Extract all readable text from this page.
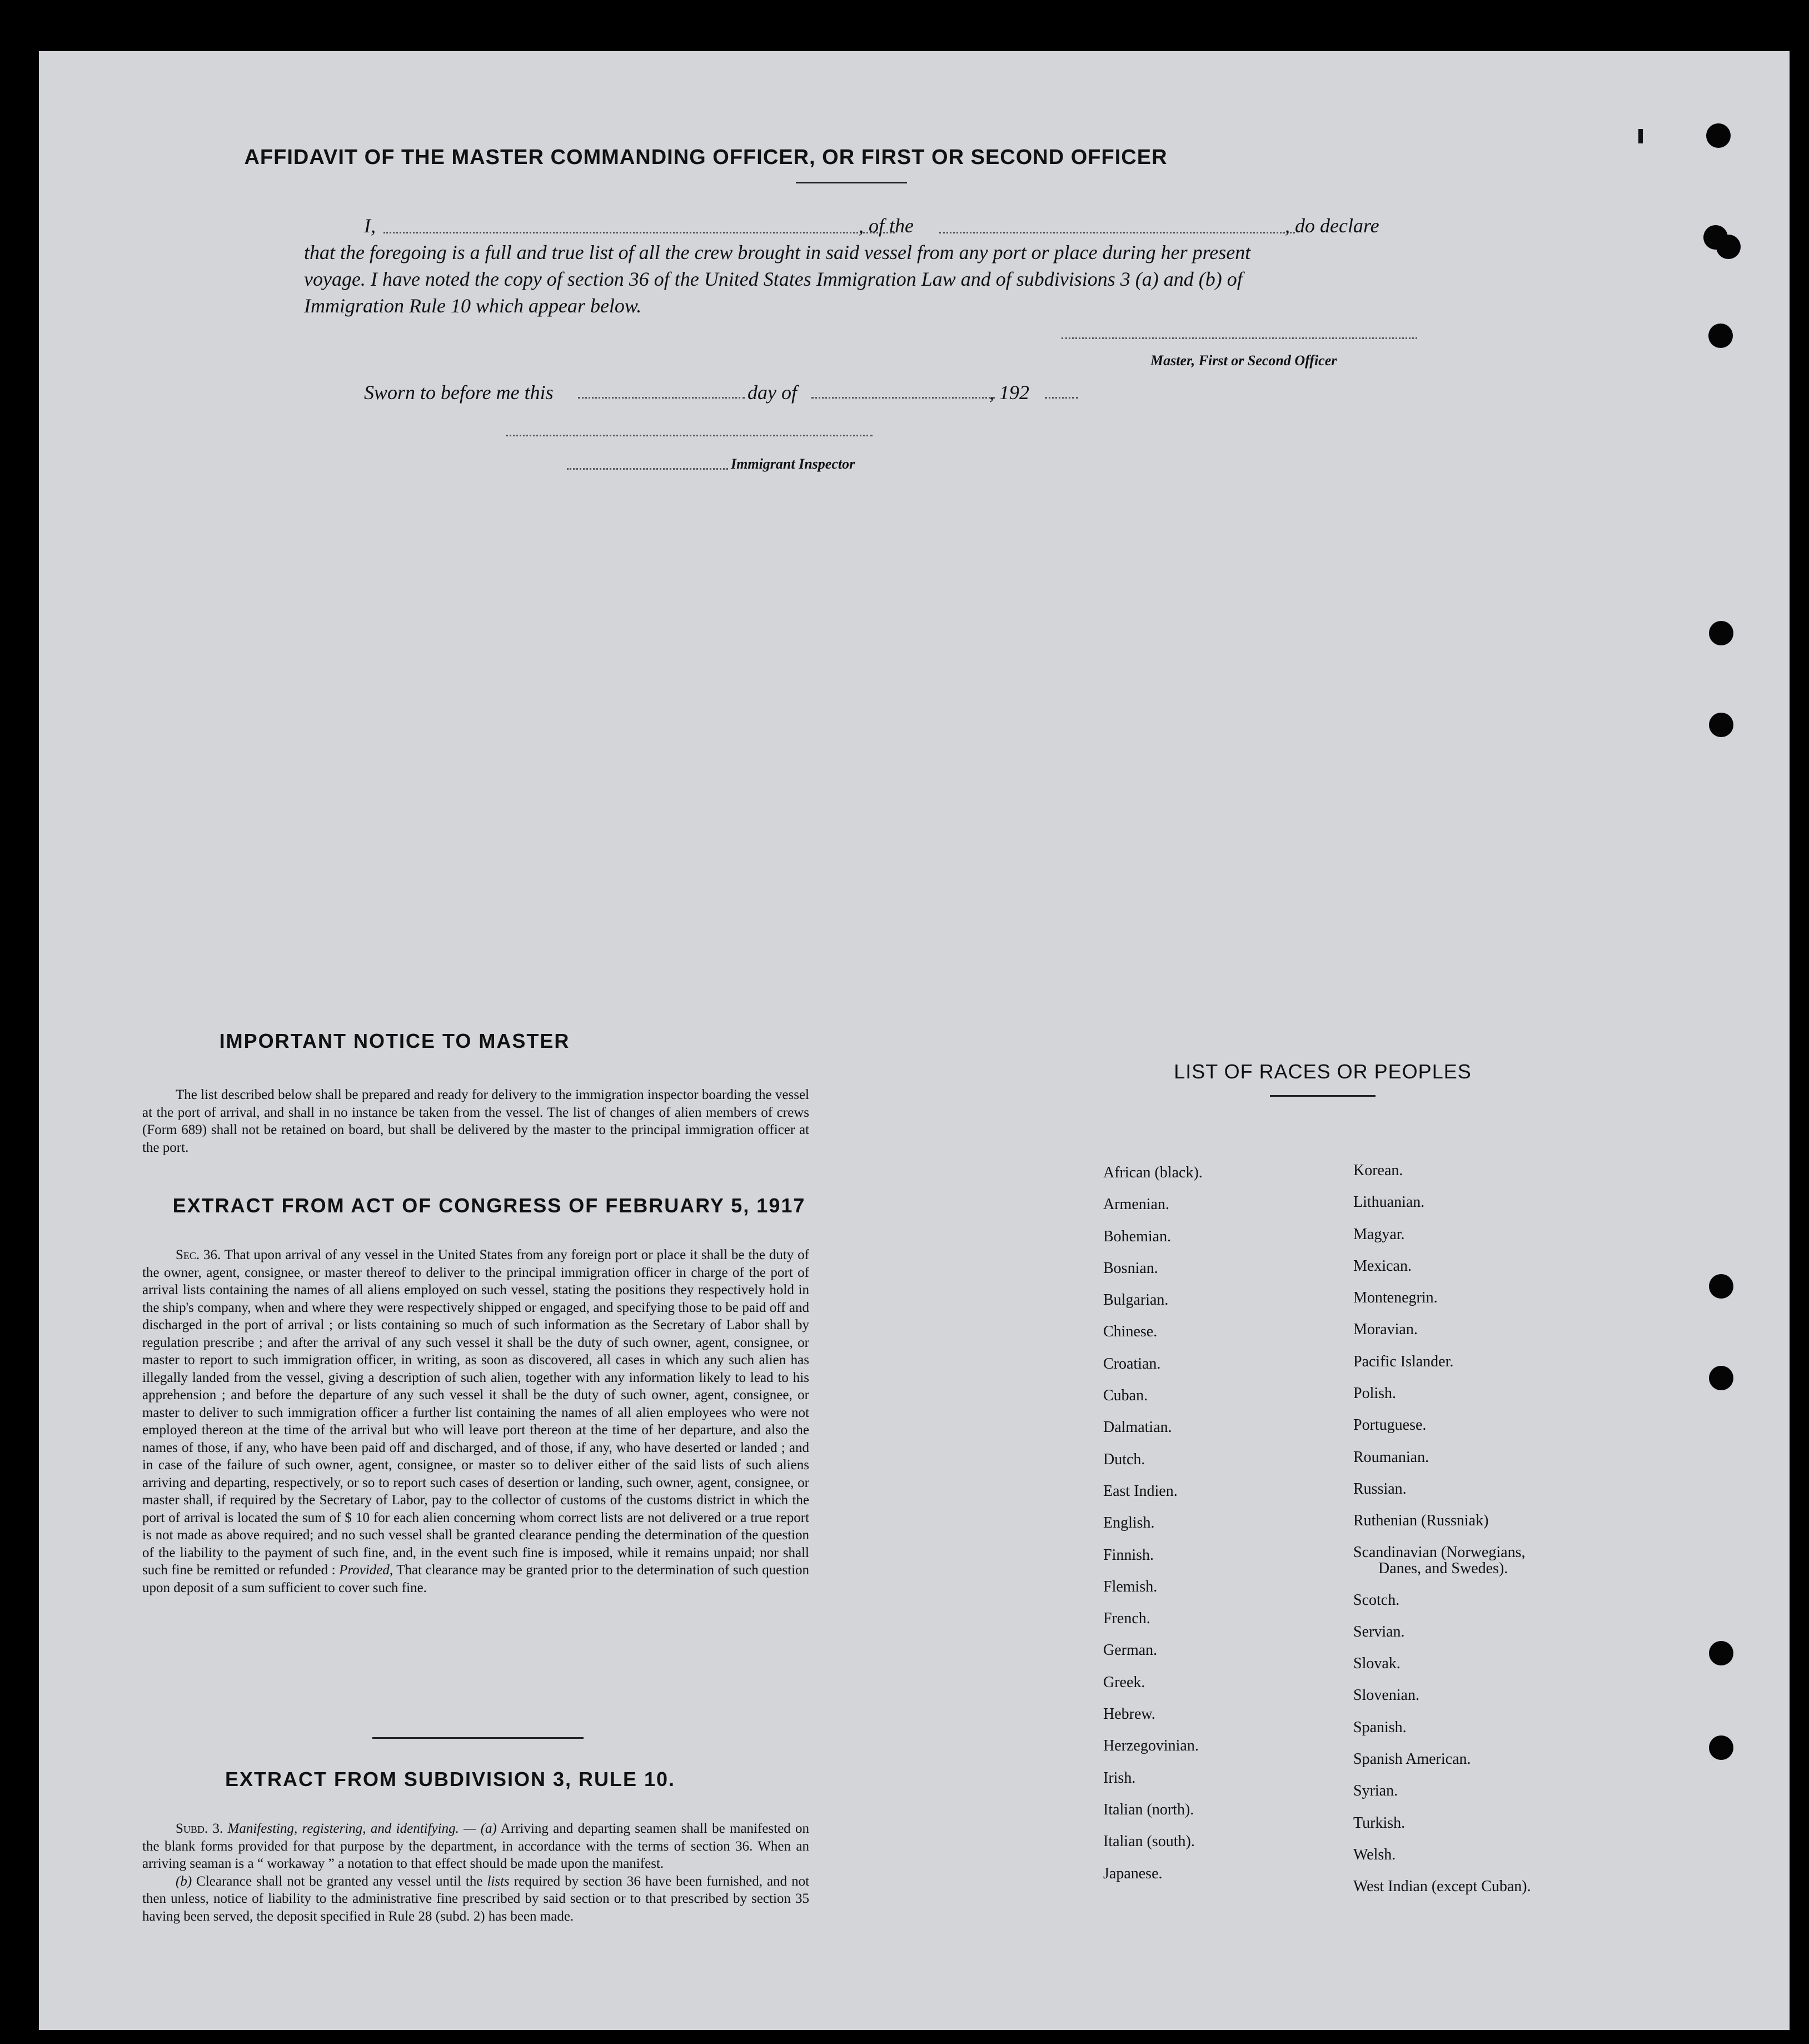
AFFIDAVIT OF THE MASTER COMMANDING OFFICER, OR FIRST OR SECOND OFFICER
I,	, of the	, do declare
that the foregoing is a full and true list of all the crew brought in said vessel from any port or place during her present
voyage. I have noted the copy of section 36 of the United States Immigration Law and of subdivisions 3 (a) and (b) of
Immigration Rule 10 which appear below.
Master, First or Second Officer
Sworn to before me this	day of	, 192
Immigrant Inspector
IMPORTANT NOTICE TO MASTER
The list described below shall be prepared and ready for delivery to the immigration inspector boarding the vessel at the port of arrival, and shall in no instance be taken from the vessel. The list of changes of alien members of crews (Form 689) shall not be retained on board, but shall be delivered by the master to the principal immigration officer at the port.
EXTRACT FROM ACT OF CONGRESS OF FEBRUARY 5, 1917

Sec. 36. That upon arrival of any vessel in the United States from any foreign port or place it shall be the duty of the owner, agent, consignee, or master thereof to deliver to the principal immigration officer in charge of the port of arrival lists containing the names of all aliens employed on such vessel, stating the positions they respectively hold in the ship's company, when and where they were respectively shipped or engaged, and specifying those to be paid off and discharged in the port of arrival ; or lists containing so much of such information as the Secretary of Labor shall by regulation prescribe ; and after the arrival of any such vessel it shall be the duty of such owner, agent, consignee, or master to report to such immigration officer, in writing, as soon as discovered, all cases in which any such alien has illegally landed from the vessel, giving a description of such alien, together with any information likely to lead to his apprehension ; and before the departure of any such vessel it shall be the duty of such owner, agent, consignee, or master to deliver to such immigration officer a further list containing the names of all alien employees who were not employed thereon at the time of the arrival but who will leave port thereon at the time of her departure, and also the names of those, if any, who have been paid off and discharged, and of those, if any, who have deserted or landed ; and in case of the failure of such owner, agent, consignee, or master so to deliver either of the said lists of such aliens arriving and departing, respectively, or so to report such cases of desertion or landing, such owner, agent, consignee, or master shall, if required by the Secretary of Labor, pay to the collector of customs of the customs district in which the port of arrival is located the sum of $ 10 for each alien concerning whom correct lists are not delivered or a true report is not made as above required; and no such vessel shall be granted clearance pending the determination of the question of the liability to the payment of such fine, and, in the event such fine is imposed, while it remains unpaid; nor shall such fine be remitted or refunded : Provided, That clearance may be granted prior to the determination of such question upon deposit of a sum sufficient to cover such fine.

EXTRACT FROM SUBDIVISION 3, RULE 10.

Subd. 3. Manifesting, registering, and identifying. — (a) Arriving and departing seamen shall be manifested on the blank forms provided for that purpose by the department, in accordance with the terms of section 36. When an arriving seaman is a “ workaway ” a notation to that effect should be made upon the manifest.

(b) Clearance shall not be granted any vessel until the lists required by section 36 have been furnished, and not then unless, notice of liability to the administrative fine prescribed by said section or to that prescribed by section 35 having been served, the deposit specified in Rule 28 (subd. 2) has been made.

LIST OF RACES OR PEOPLES
African (black).
Armenian.
Bohemian.
Bosnian.
Bulgarian.
Chinese.
Croatian.
Cuban.
Dalmatian.
Dutch.
East Indien.
English.
Finnish.
Flemish.
French.
German.
Greek.
Hebrew.
Herzegovinian.
Irish.
Italian (north).
Italian (south).
Japanese.
Korean.
Lithuanian.
Magyar.
Mexican.
Montenegrin.
Moravian.
Pacific Islander.
Polish.
Portuguese.
Roumanian.
Russian.
Ruthenian (Russniak)
Scandinavian (Norwegians,
Danes, and Swedes).
Scotch.
Servian.
Slovak.
Slovenian.
Spanish.
Spanish American.
Syrian.
Turkish.
Welsh.
West Indian (except Cuban).
